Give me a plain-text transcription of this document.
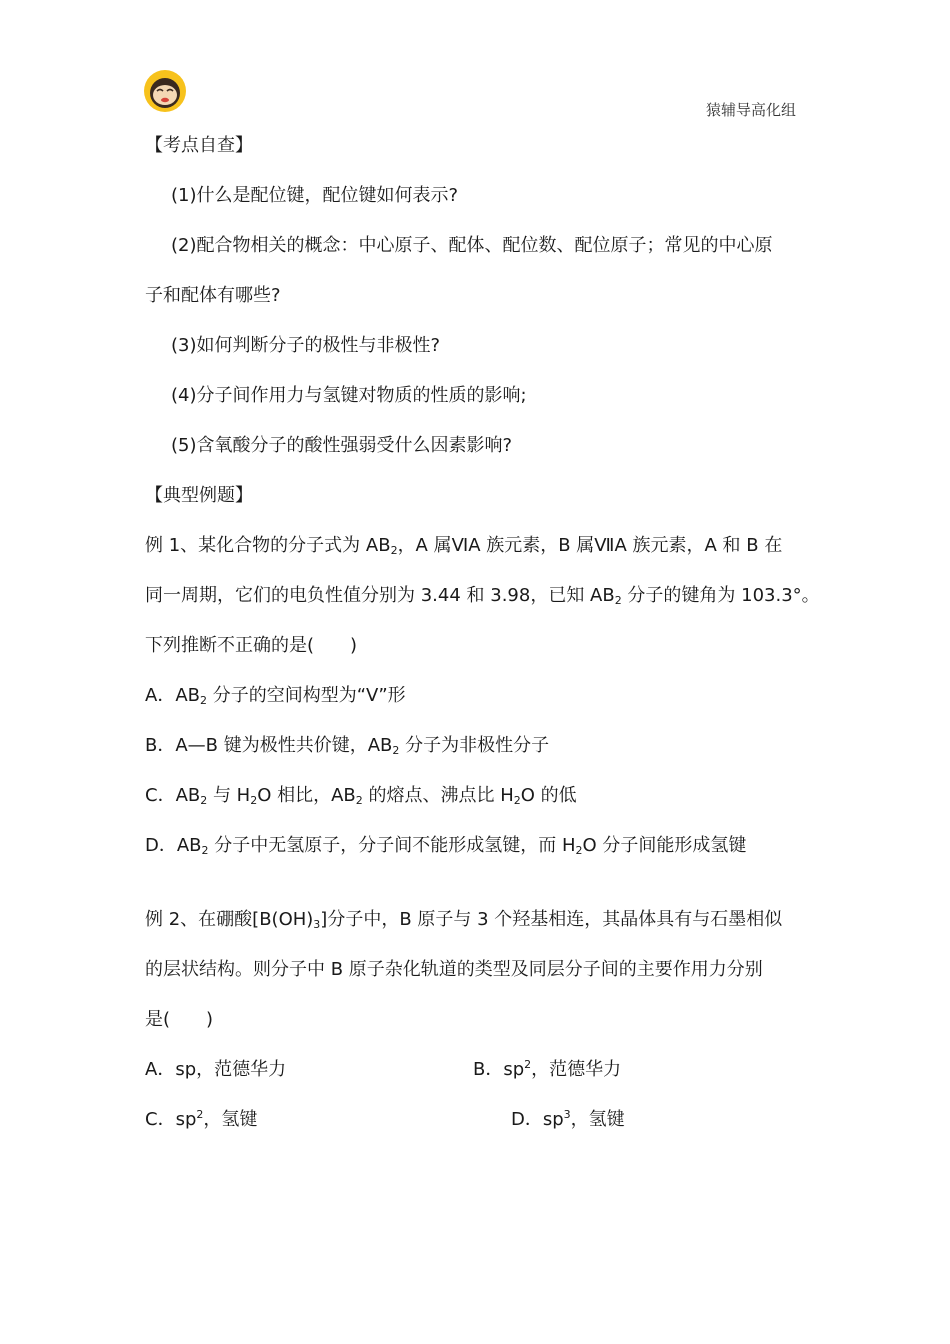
猿辅导高化组
【考点自查】
(1)什么是配位键，配位键如何表示?
(2)配合物相关的概念：中心原子、配体、配位数、配位原子；常见的中心原
子和配体有哪些?
(3)如何判断分子的极性与非极性?
(4)分子间作用力与氢键对物质的性质的影响;
(5)含氧酸分子的酸性强弱受什么因素影响?
【典型例题】
例 1、某化合物的分子式为 $AB_2$，A 属ⅥA 族元素，B 属ⅦA 族元素，A 和 B 在
同一周期，它们的电负性值分别为 3.44 和 3.98，已知 $AB_2$ 分子的键角为 103.3°。
下列推断不正确的是(　　)
A．$AB_2$ 分子的空间构型为“V”形
B．A—B 键为极性共价键，$AB_2$ 分子为非极性分子
C．$AB_2$ 与 $H_2O$ 相比，$AB_2$ 的熔点、沸点比 $H_2O$ 的低
D．$AB_2$ 分子中无氢原子，分子间不能形成氢键，而 $H_2O$ 分子间能形成氢键
例 2、在硼酸$[B(OH)_3]$分子中，B 原子与 3 个羟基相连，其晶体具有与石墨相似
的层状结构。则分子中 B 原子杂化轨道的类型及同层分子间的主要作用力分别
是(　　)
A．sp，范德华力	B．$sp^2$，范德华力
C．$sp^2$，氢键	D．$sp^3$，氢键
